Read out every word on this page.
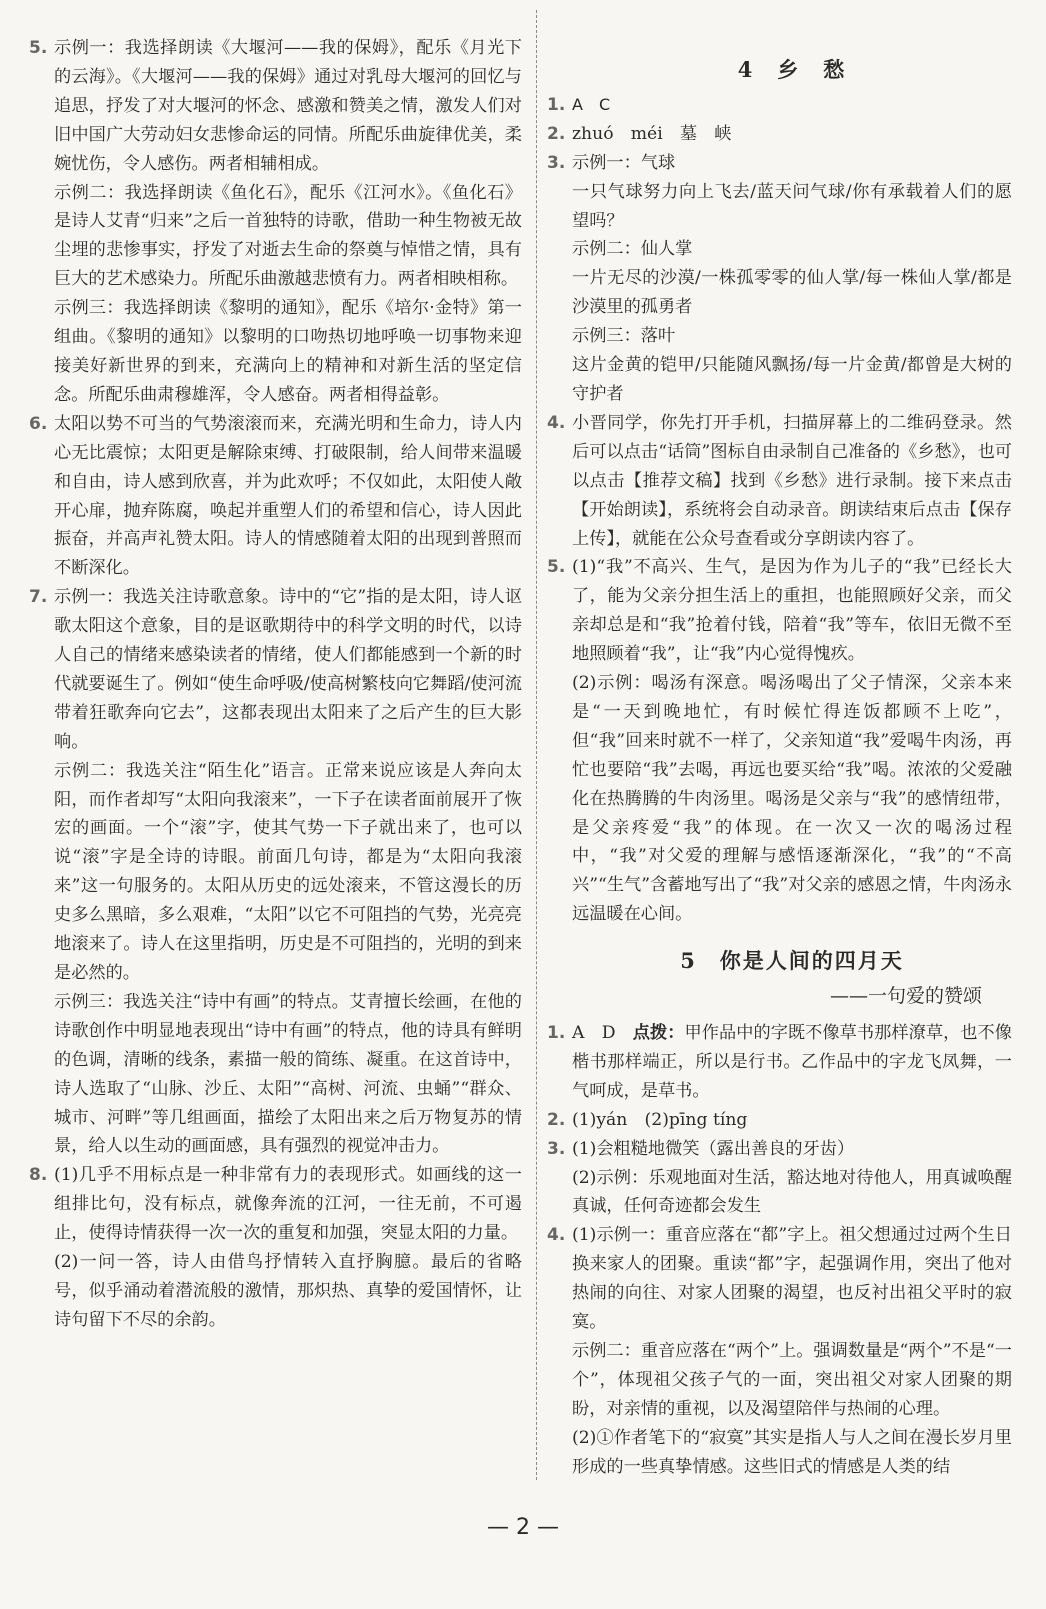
5. 示例一：我选择朗读《大堰河——我的保姆》，配乐《月光下的云海》。《大堰河——我的保姆》通过对乳母大堰河的回忆与追思，抒发了对大堰河的怀念、感激和赞美之情，激发人们对旧中国广大劳动妇女悲惨命运的同情。所配乐曲旋律优美，柔婉忧伤，令人感伤。两者相辅相成。

示例二：我选择朗读《鱼化石》，配乐《江河水》。《鱼化石》是诗人艾青“归来”之后一首独特的诗歌，借助一种生物被无故尘埋的悲惨事实，抒发了对逝去生命的祭奠与悼惜之情，具有巨大的艺术感染力。所配乐曲激越悲愤有力。两者相映相称。

示例三：我选择朗读《黎明的通知》，配乐《培尔·金特》第一组曲。《黎明的通知》以黎明的口吻热切地呼唤一切事物来迎接美好新世界的到来，充满向上的精神和对新生活的坚定信念。所配乐曲肃穆雄浑，令人感奋。两者相得益彰。

6. 太阳以势不可当的气势滚滚而来，充满光明和生命力，诗人内心无比震惊；太阳更是解除束缚、打破限制，给人间带来温暖和自由，诗人感到欣喜，并为此欢呼；不仅如此，太阳使人敞开心扉，抛弃陈腐，唤起并重塑人们的希望和信心，诗人因此振奋，并高声礼赞太阳。诗人的情感随着太阳的出现到普照而不断深化。

7. 示例一：我选关注诗歌意象。诗中的“它”指的是太阳，诗人讴歌太阳这个意象，目的是讴歌期待中的科学文明的时代，以诗人自己的情绪来感染读者的情绪，使人们都能感到一个新的时代就要诞生了。例如“使生命呼吸/使高树繁枝向它舞蹈/使河流带着狂歌奔向它去”，这都表现出太阳来了之后产生的巨大影响。

示例二：我选关注“陌生化”语言。正常来说应该是人奔向太阳，而作者却写“太阳向我滚来”，一下子在读者面前展开了恢宏的画面。一个“滚”字，使其气势一下子就出来了，也可以说“滚”字是全诗的诗眼。前面几句诗，都是为“太阳向我滚来”这一句服务的。太阳从历史的远处滚来，不管这漫长的历史多么黑暗，多么艰难，“太阳”以它不可阻挡的气势，光亮亮地滚来了。诗人在这里指明，历史是不可阻挡的，光明的到来是必然的。

示例三：我选关注“诗中有画”的特点。艾青擅长绘画，在他的诗歌创作中明显地表现出“诗中有画”的特点，他的诗具有鲜明的色调，清晰的线条，素描一般的简练、凝重。在这首诗中，诗人选取了“山脉、沙丘、太阳”“高树、河流、虫蛹”“群众、城市、河畔”等几组画面，描绘了太阳出来之后万物复苏的情景，给人以生动的画面感，具有强烈的视觉冲击力。

8. (1)几乎不用标点是一种非常有力的表现形式。如画线的这一组排比句，没有标点，就像奔流的江河，一往无前，不可遏止，使得诗情获得一次一次的重复和加强，突显太阳的力量。

(2)一问一答，诗人由借鸟抒情转入直抒胸臆。最后的省略号，似乎涌动着潜流般的激情，那炽热、真挚的爱国情怀，让诗句留下不尽的余韵。

4　乡　愁
1. A　C

2. zhuó　méi　墓　峡

3. 示例一：气球

一只气球努力向上飞去/蓝天问气球/你有承载着人们的愿望吗？

示例二：仙人掌

一片无尽的沙漠/一株孤零零的仙人掌/每一株仙人掌/都是沙漠里的孤勇者

示例三：落叶

这片金黄的铠甲/只能随风飘扬/每一片金黄/都曾是大树的守护者

4. 小晋同学，你先打开手机，扫描屏幕上的二维码登录。然后可以点击“话筒”图标自由录制自己准备的《乡愁》，也可以点击【推荐文稿】找到《乡愁》进行录制。接下来点击【开始朗读】，系统将会自动录音。朗读结束后点击【保存上传】，就能在公众号查看或分享朗读内容了。

5. (1)“我”不高兴、生气，是因为作为儿子的“我”已经长大了，能为父亲分担生活上的重担，也能照顾好父亲，而父亲却总是和“我”抢着付钱，陪着“我”等车，依旧无微不至地照顾着“我”，让“我”内心觉得愧疚。

(2)示例：喝汤有深意。喝汤喝出了父子情深，父亲本来是“一天到晚地忙，有时候忙得连饭都顾不上吃”，但“我”回来时就不一样了，父亲知道“我”爱喝牛肉汤，再忙也要陪“我”去喝，再远也要买给“我”喝。浓浓的父爱融化在热腾腾的牛肉汤里。喝汤是父亲与“我”的感情纽带，是父亲疼爱“我”的体现。在一次又一次的喝汤过程中，“我”对父爱的理解与感悟逐渐深化，“我”的“不高兴”“生气”含蓄地写出了“我”对父亲的感恩之情，牛肉汤永远温暖在心间。

5　你是人间的四月天
——一句爱的赞颂
1. A　D　点拨：甲作品中的字既不像草书那样潦草，也不像楷书那样端正，所以是行书。乙作品中的字龙飞凤舞，一气呵成，是草书。

2. (1)yán　(2)pīng tíng

3. (1)会粗糙地微笑（露出善良的牙齿）

(2)示例：乐观地面对生活，豁达地对待他人，用真诚唤醒真诚，任何奇迹都会发生

4. (1)示例一：重音应落在“都”字上。祖父想通过过两个生日换来家人的团聚。重读“都”字，起强调作用，突出了他对热闹的向往、对家人团聚的渴望，也反衬出祖父平时的寂寞。

示例二：重音应落在“两个”上。强调数量是“两个”不是“一个”，体现祖父孩子气的一面，突出祖父对家人团聚的期盼，对亲情的重视，以及渴望陪伴与热闹的心理。

(2)①作者笔下的“寂寞”其实是指人与人之间在漫长岁月里形成的一些真挚情感。这些旧式的情感是人类的结

— 2 —
